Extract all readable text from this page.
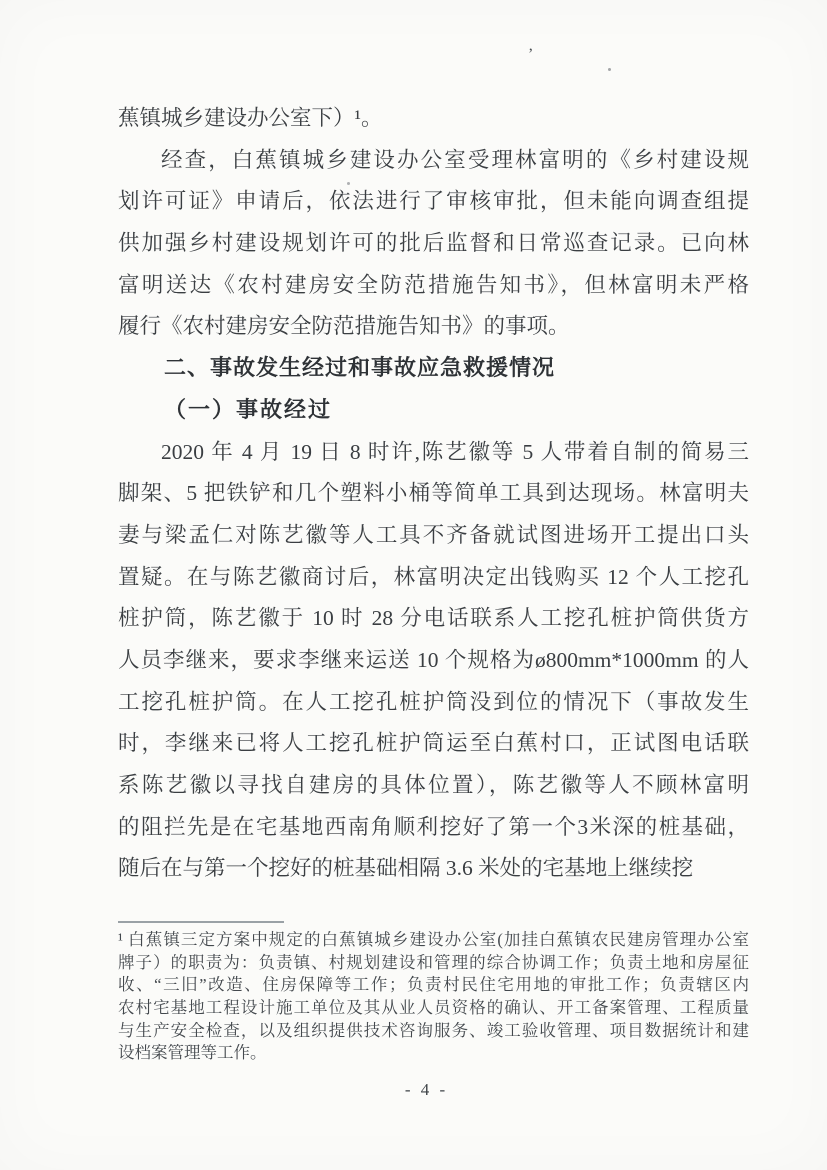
’
蕉镇城乡建设办公室下）¹。
经查，白蕉镇城乡建设办公室受理林富明的《乡村建设规
划许可证》申请后，依法进行了审核审批，但未能向调查组提
供加强乡村建设规划许可的批后监督和日常巡查记录。已向林
富明送达《农村建房安全防范措施告知书》，但林富明未严格
履行《农村建房安全防范措施告知书》的事项。
二、事故发生经过和事故应急救援情况
（一）事故经过
2020 年 4 月 19 日 8 时许,陈艺徽等 5 人带着自制的简易三
脚架、5 把铁铲和几个塑料小桶等简单工具到达现场。林富明夫
妻与梁孟仁对陈艺徽等人工具不齐备就试图进场开工提出口头
置疑。在与陈艺徽商讨后，林富明决定出钱购买 12 个人工挖孔
桩护筒，陈艺徽于 10 时 28 分电话联系人工挖孔桩护筒供货方
人员李继来，要求李继来运送 10 个规格为ø800mm*1000mm 的人
工挖孔桩护筒。在人工挖孔桩护筒没到位的情况下（事故发生
时，李继来已将人工挖孔桩护筒运至白蕉村口，正试图电话联
系陈艺徽以寻找自建房的具体位置），陈艺徽等人不顾林富明
的阻拦先是在宅基地西南角顺利挖好了第一个3米深的桩基础，
随后在与第一个挖好的桩基础相隔 3.6 米处的宅基地上继续挖
¹ 白蕉镇三定方案中规定的白蕉镇城乡建设办公室(加挂白蕉镇农民建房管理办公室
牌子）的职责为：负责镇、村规划建设和管理的综合协调工作；负责土地和房屋征
收、“三旧”改造、住房保障等工作；负责村民住宅用地的审批工作；负责辖区内
农村宅基地工程设计施工单位及其从业人员资格的确认、开工备案管理、工程质量
与生产安全检查，以及组织提供技术咨询服务、竣工验收管理、项目数据统计和建
设档案管理等工作。
- 4 -
